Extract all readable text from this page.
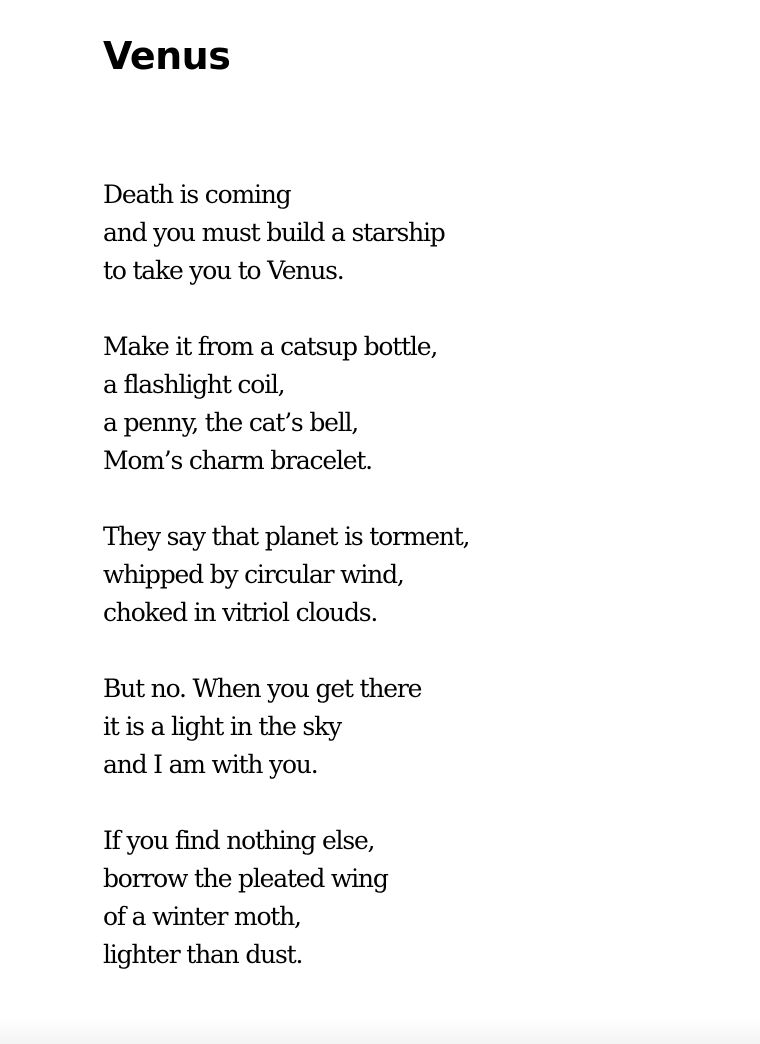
Venus
Death is coming
and you must build a starship
to take you to Venus.
Make it from a catsup bottle,
a flashlight coil,
a penny, the cat’s bell,
Mom’s charm bracelet.
They say that planet is torment,
whipped by circular wind,
choked in vitriol clouds.
But no. When you get there
it is a light in the sky
and I am with you.
If you find nothing else,
borrow the pleated wing
of a winter moth,
lighter than dust.
